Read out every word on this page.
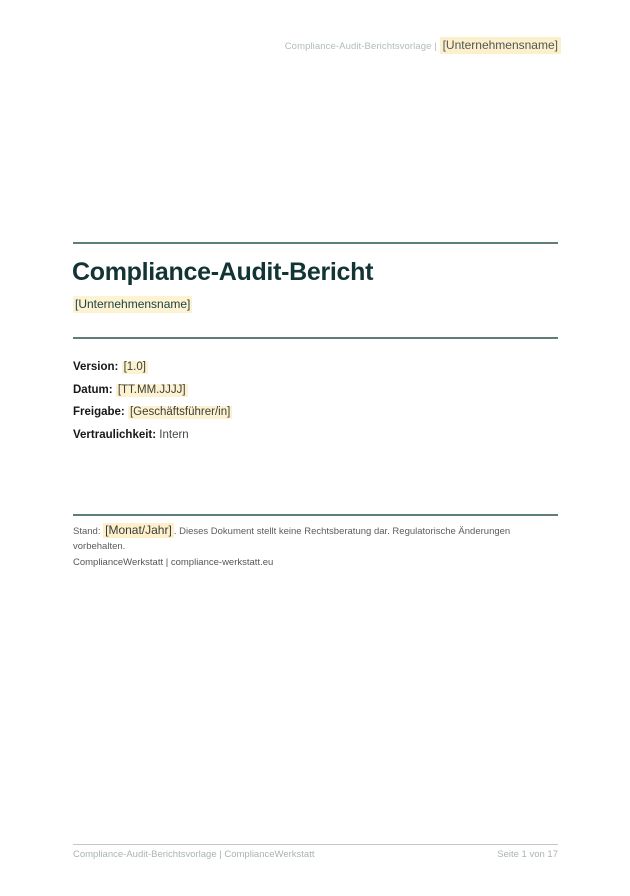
Compliance-Audit-Berichtsvorlage | [Unternehmensname]
Compliance-Audit-Bericht
[Unternehmensname]
Version: [1.0]
Datum: [TT.MM.JJJJ]
Freigabe: [Geschäftsführer/in]
Vertraulichkeit: Intern

Stand: [Monat/Jahr] . Dieses Dokument stellt keine Rechtsberatung dar. Regulatorische Änderungen vorbehalten.

ComplianceWerkstatt | compliance-werkstatt.eu
Compliance-Audit-Berichtsvorlage | ComplianceWerkstatt	Seite 1 von 17
